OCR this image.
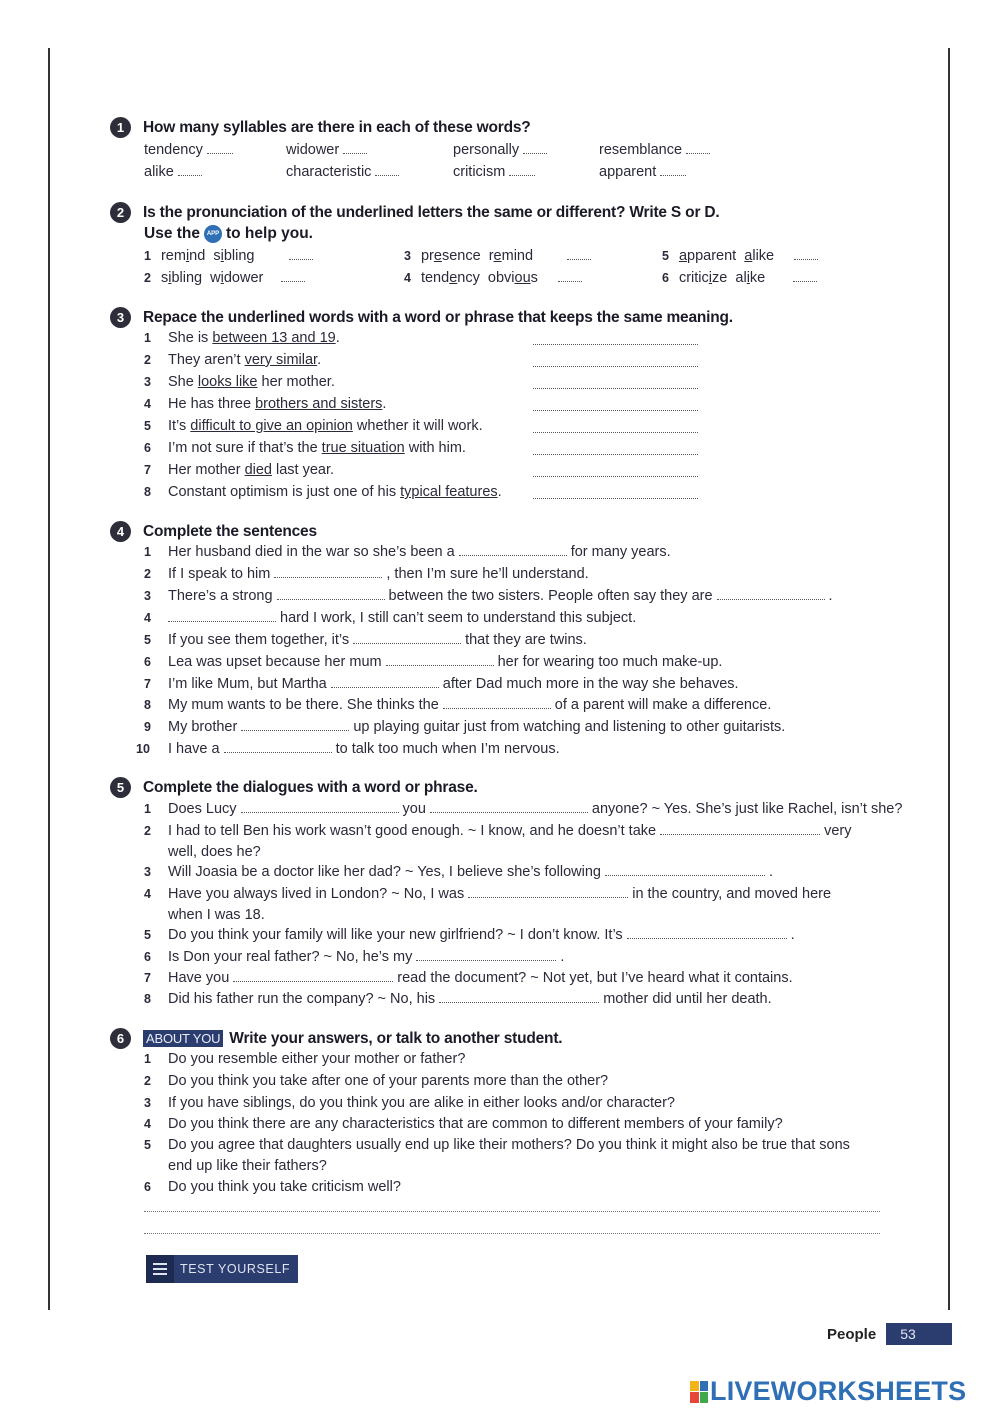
1	How many syllables are there in each of these words?
tendency	widower	personally	resemblance
alike	characteristic	criticism	apparent
2	Is the pronunciation of the underlined letters the same or different? Write S or D.
Use the	APP to help you.
1 remind sibling
2 sibling widower
3 presence remind
4 tendency obvious
5 apparent alike
6 criticize alike
3	Repace the underlined words with a word or phrase that keeps the same meaning.
1 She is between 13 and 19.
2 They aren’t very similar.
3 She looks like her mother.
4 He has three brothers and sisters.
5 It’s difficult to give an opinion whether it will work.
6 I’m not sure if that’s the true situation with him.
7 Her mother died last year.
8 Constant optimism is just one of his typical features.
4	Complete the sentences
1 Her husband died in the war so she’s been a	for many years.
2 If I speak to him	, then I’m sure he’ll understand.
3 There’s a strong	between the two sisters. People often say they are	.
4	hard I work, I still can’t seem to understand this subject.
5 If you see them together, it’s	that they are twins.
6 Lea was upset because her mum	her for wearing too much make-up.
7 I’m like Mum, but Martha	after Dad much more in the way she behaves.
8 My mum wants to be there. She thinks the	of a parent will make a difference.
9 My brother	up playing guitar just from watching and listening to other guitarists.
10 I have a	to talk too much when I’m nervous.
5	Complete the dialogues with a word or phrase.
1 Does Lucy	you	anyone? ~ Yes. She’s just like Rachel, isn’t she?
2 I had to tell Ben his work wasn’t good enough. ~ I know, and he doesn’t take	very
well, does he?
3 Will Joasia be a doctor like her dad? ~ Yes, I believe she’s following	.
4 Have you always lived in London? ~ No, I was	in the country, and moved here
when I was 18.
5 Do you think your family will like your new girlfriend? ~ I don’t know. It’s	.
6 Is Don your real father? ~ No, he’s my	.
7 Have you	read the document? ~ Not yet, but I’ve heard what it contains.
8 Did his father run the company? ~ No, his	mother did until her death.
6	ABOUT YOU Write your answers, or talk to another student.
1 Do you resemble either your mother or father?
2 Do you think you take after one of your parents more than the other?
3 If you have siblings, do you think you are alike in either looks and/or character?
4 Do you think there are any characteristics that are common to different members of your family?
5 Do you agree that daughters usually end up like their mothers? Do you think it might also be true that sons
end up like their fathers?
6 Do you think you take criticism well?
TEST YOURSELF
People	53
LIVEWORKSHEETS
